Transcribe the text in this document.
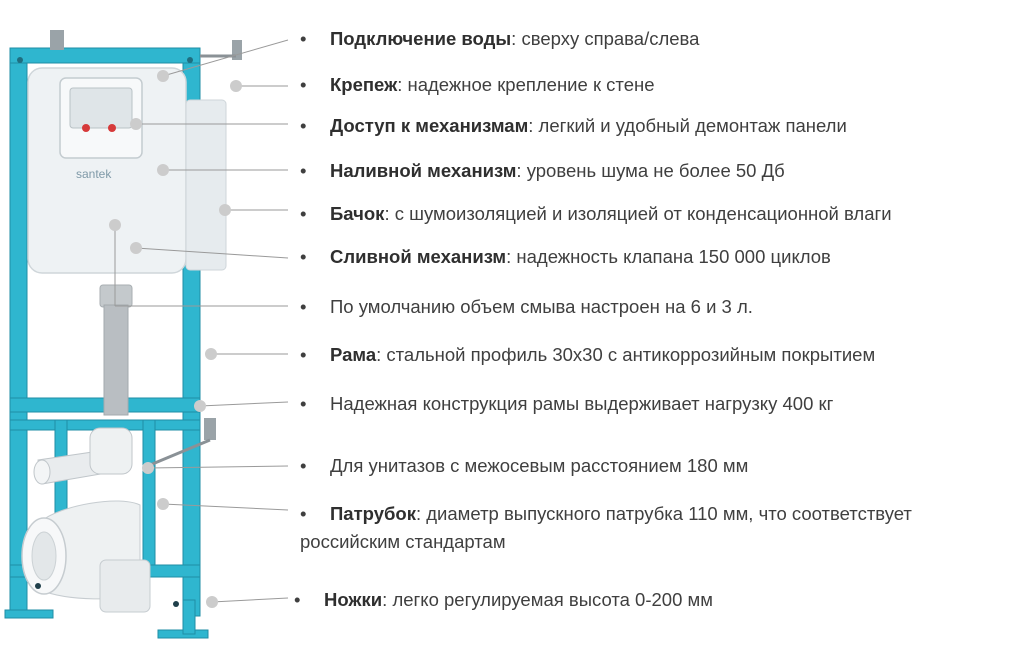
santek
• Подключение воды: сверху справа/слева
• Крепеж: надежное крепление к стене
• Доступ к механизмам: легкий и удобный демонтаж панели
• Наливной механизм: уровень шума не более 50 Дб
• Бачок: с шумоизоляцией и изоляцией от конденсационной влаги
• Сливной механизм: надежность клапана 150 000 циклов
• По умолчанию объем смыва настроен на 6 и 3 л.
• Рама: стальной профиль 30x30 с антикоррозийным покрытием
• Надежная конструкция рамы выдерживает нагрузку 400 кг
• Для унитазов с межосевым расстоянием 180 мм
• Патрубок: диаметр выпускного патрубка 110 мм, что соответствует
российским стандартам
• Ножки: легко регулируемая высота 0-200 мм
